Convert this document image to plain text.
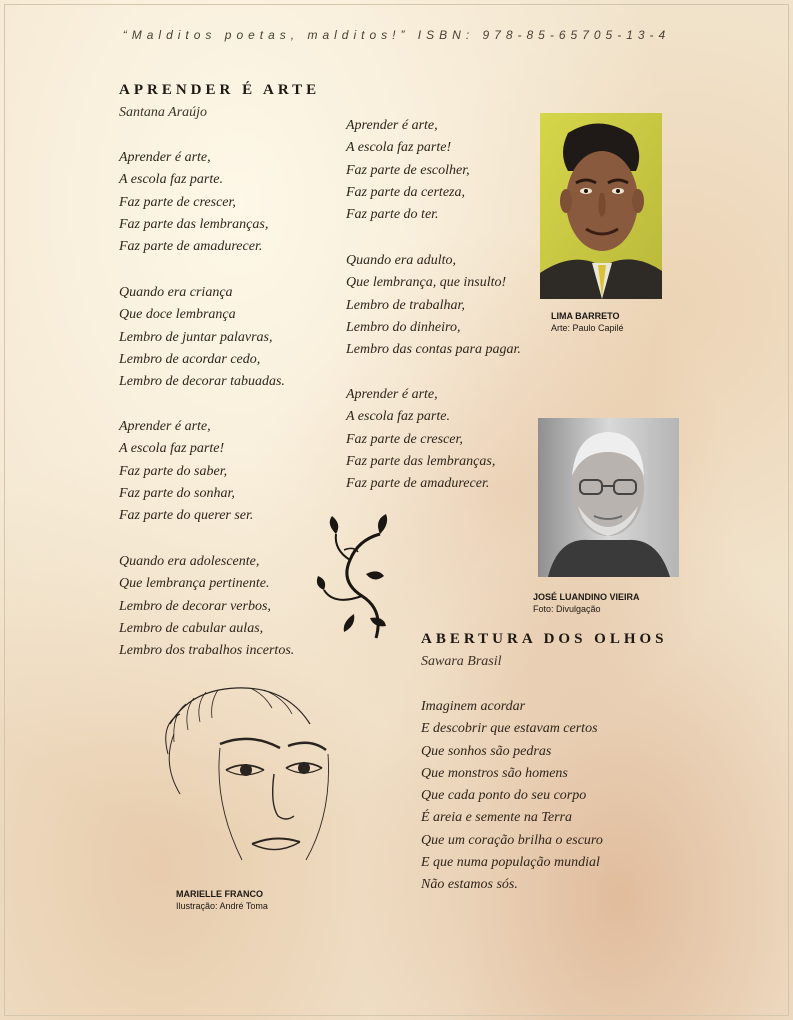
“Malditos poetas, malditos!” ISBN: 978-85-65705-13-4
APRENDER É ARTE
Santana Araújo
Aprender é arte,
A escola faz parte.
Faz parte de crescer,
Faz parte das lembranças,
Faz parte de amadurecer.
Quando era criança
Que doce lembrança
Lembro de juntar palavras,
Lembro de acordar cedo,
Lembro de decorar tabuadas.
Aprender é arte,
A escola faz parte!
Faz parte do saber,
Faz parte do sonhar,
Faz parte do querer ser.
Quando era adolescente,
Que lembrança pertinente.
Lembro de decorar verbos,
Lembro de cabular aulas,
Lembro dos trabalhos incertos.
Aprender é arte,
A escola faz parte!
Faz parte de escolher,
Faz parte da certeza,
Faz parte do ter.
Quando era adulto,
Que lembrança, que insulto!
Lembro de trabalhar,
Lembro do dinheiro,
Lembro das contas para pagar.
Aprender é arte,
A escola faz parte.
Faz parte de crescer,
Faz parte das lembranças,
Faz parte de amadurecer.
LIMA BARRETO
Arte: Paulo Capilé
JOSÉ LUANDINO VIEIRA
Foto: Divulgação
ABERTURA DOS OLHOS
Sawara Brasil
Imaginem acordar
E descobrir que estavam certos
Que sonhos são pedras
Que monstros são homens
Que cada ponto do seu corpo
É areia e semente na Terra
Que um coração brilha o escuro
E que numa população mundial
Não estamos sós.
MARIELLE FRANCO
Ilustração: André Toma
